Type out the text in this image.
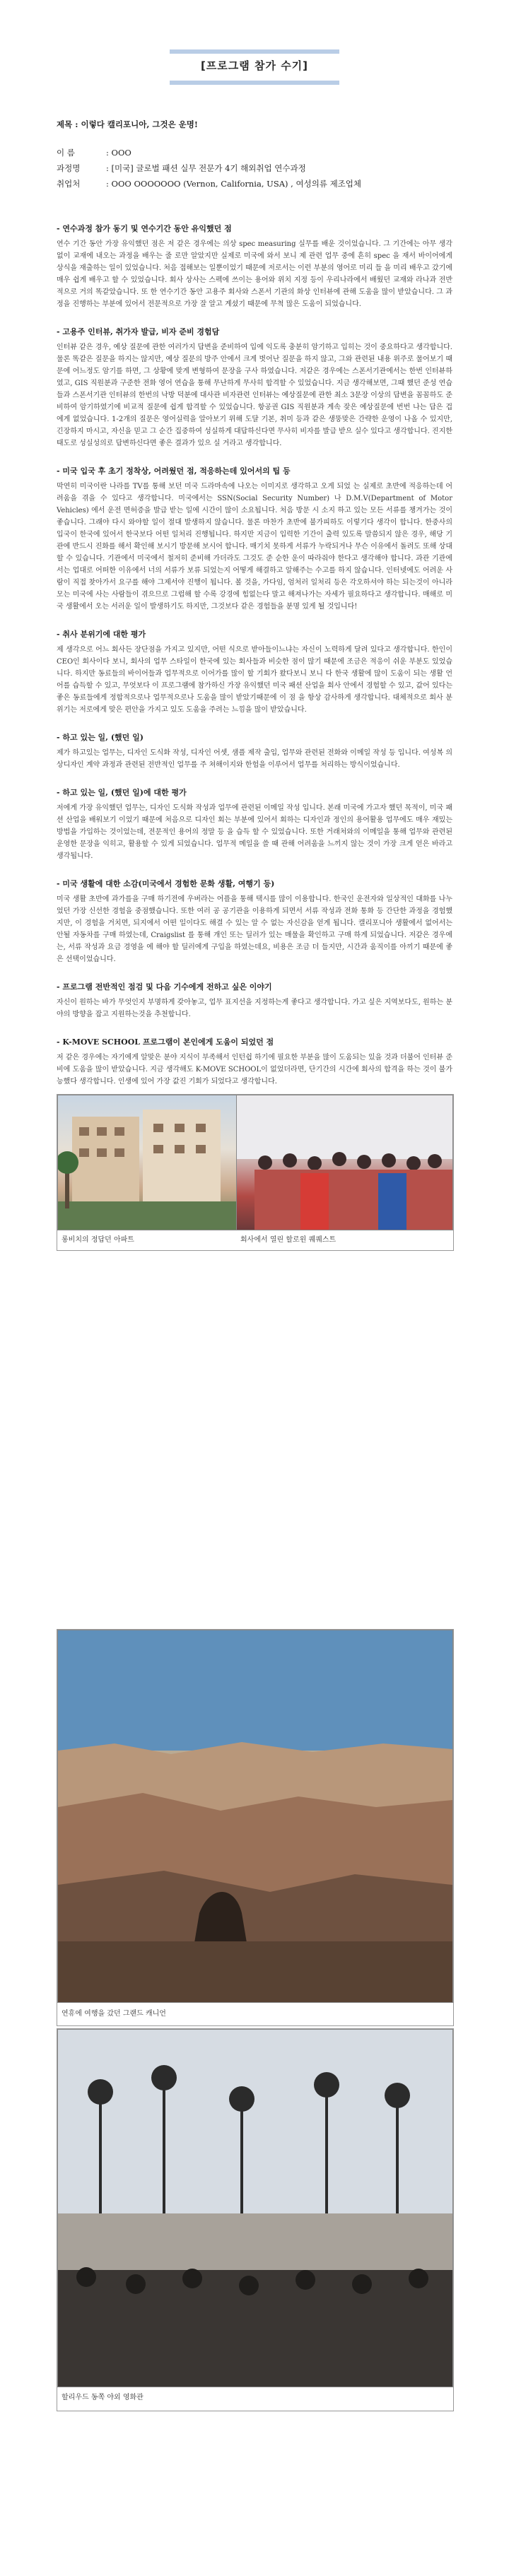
[프로그램 참가 수기]
제목 : 이렇다 캘리포니아, 그것은 운명!
이 름	: OOO
과정명	: [미국] 글로벌 패션 실무 전문가 4기 해외취업 연수과정
취업처	: OOO OOOOOOO (Vernon, California, USA) , 여성의류 제조업체
- 연수과정 참가 동기 및 연수기간 동안 유익했던 점

연수 기간 동안 가장 유익했던 점은 저 같은 경우에는 의상 spec measuring 실무를 배운 것이었습니다. 그 기간에는 아무 생각 없이 교재에 내오는 과정을 배우는 줄 로만 알았지만 실제로 미국에 와서 보니 제 관련 업무 중에 흔히 spec 을 재서 바이어에게 상식을 재출하는 일이 있었습니다. 처음 접해보는 일뿐이었기 때문에 저로서는 이런 부분의 영어로 미리 들 을 미리 배우고 갔기에 매우 쉽게 배우고 할 수 있었습니다. 회사 상사는 스펙에 쓰이는 용어와 위치 지정 등이 우리나라에서 배웠던 교재와 라나과 전반적으로 거의 똑같았습니다. 또 한 연수기간 동안 고용주 회사와 스폰서 기관의 화상 인터뷰에 관해 도움을 많이 받았습니다. 그 과정을 진행하는 부분에 있어서 전문적으로 가장 잘 알고 계셨기 때문에 무척 많은 도움이 되었습니다.

- 고용주 인터뷰, 취가자 발급, 비자 준비 경험담

인터뷰 같은 경우, 예상 질문에 관한 여러가지 답변을 준비하여 입에 익도록 충분히 암기하고 입히는 것이 중요하다고 생각합니다. 물론 똑같은 질문을 하지는 않지만, 예상 질문의 방주 안에서 크게 벗어난 질문을 하지 않고, 그와 관련된 내용 위주로 물어보기 때문에 어느정도 암기를 하면, 그 상황에 맞게 변형하여 문장을 구사 하였습니다. 저같은 경우에는 스폰서기관에서는 한번 인터뷰하였고, GIS 직원분과 구준한 전화 영어 연습을 통해 무난하게 무사히 합격할 수 있었습니다. 지금 생각해보면, 그때 했던 준성 연습들과 스폰서기관 인터뷰의 한번의 낙방 덕분에 대사관 비자관련 인터뷰는 예상질문에 관한 최소 3문장 이상의 답변을 꼼꼼하도 준비하여 암기하였기에 비교적 질문에 쉽게 합격할 수 있었습니다. 항공권 GIS 직원분과 계속 잦은 예상질문에 번번 나는 답은 겁 에게 없었습니다. 1-2개의 질문은 영어실력을 알아보기 위해 도달 기본, 취미 등과 같은 생뚱맞은 간략한 운영이 나올 수 있지만, 긴장하지 마시고, 자신을 믿고 그 순간 집중하여 성실하게 대답하신다면 무사히 비자를 발급 받으 실수 있다고 생각합니다. 진지한 태도로 성실성의로 답변하신다면 좋은 결과가 있으 실 거라고 생각합니다.

- 미국 입국 후 초기 정착상, 어려웠던 점, 적응하는데 있어서의 팁 등

막연히 미국이란 나라를 TV를 통해 보던 미국 드라마속에 나오는 이미지로 생각하고 오게 되었 는 실제로 초반에 적응하는데 어려움을 겪을 수 있다고 생각합니다. 미국에서는 SSN(Social Security Number) 나 D.M.V(Department of Motor Vehicles) 에서 운전 면허증을 발급 받는 일에 시간이 많이 소요됩니다. 처음 방문 시 소지 하고 있는 모든 서류를 챙겨가는 것이 좋습니다. 그래야 다시 와야할 일이 절대 발생하지 않습니다. 물론 마찬가 초반에 불가피하도 이렇기다 생각이 합니다. 한중사의 입국이 한국에 있어서 한국보다 어떤 일처리 진행됩니다. 하지만 지금이 입력한 기간이 출력 있도록 말씀되지 않은 경우, 해당 기관에 반드시 진화를 해서 확인해 보시기 방문해 보시어 합니다. 매기치 못하게 서류가 누락되거나 무슨 이유에서 돌려도 또해 상대 할 수 있습니다. 기관에서 미국에서 철저히 준비해 가더라도 그것도 준 순한 운이 따라줘야 한다고 생각해야 합니다. 과관 기관에서는 업대로 어떠한 이유에서 너의 서류가 보류 되었는지 어떻게 해결하고 알해주는 수고를 하지 않습니다. 인터넷에도 어려운 사람이 직접 찾아가서 요구를 해야 그제서야 진행이 됩니다. 볼 것을, 가다임, 엄처러 일처리 등은 각오하셔야 하는 되는것이 아니라 모는 미국에 사는 사람들이 겪으므로 그럽해 할 수록 강경에 힘없는다 말고 해져나가는 자세가 필요하다고 생각합니다. 매해로 미국 생활에서 오는 서러운 일이 발생하기도 하지만, 그것보다 같은 경험들을 분명 있게 될 것입니다!

- 취사 분위기에 대한 평가

제 생각으로 어느 회사든 장단점을 가지고 있지만, 어떤 식으로 받아들이느냐는 자신이 노력하게 달려 있다고 생각합니다. 한인이 CEO인 회사이다 보니, 회사의 업무 스타일이 한국에 있는 회사들과 비슷한 점이 많기 때문에 조금은 적응이 쉬운 부분도 있었습니다. 하지만 동료들의 바이어들과 업무적으로 이어가를 많이 할 기회가 왔다보니 보니 다 한국 생활에 많이 도움이 되는 생활 언어를 습득할 수 있고, 무엇보다 이 프로그램에 참가하신 가장 유익했던 미국 패션 산업을 회사 안에서 경험할 수 있고, 값어 있다는 좋은 동료들에게 정합적으로나 업무적으로나 도움을 많이 받았기때문에 이 점 을 항상 감사하게 생각합니다. 대체적으로 회사 분위기는 저로에게 맞은 편안을 가지고 있도 도움을 주려는 느낌을 많이 받았습니다.

- 하고 있는 일, (했던 일)

제가 하고있는 업무는, 디자인 도식화 작성, 디자인 어셋, 샘플 제작 출입, 업무와 관련된 전화와 이메일 작성 등 입니다. 여성복 의상디자인 계약 과정과 관련된 전반적인 업무를 주 쳐해이지와 한험을 이루어서 업무를 처리하는 방식이었습니다.

- 하고 있는 일, (했던 일)에 대한 평가

저에게 가장 유익했던 업무는, 디자인 도식화 작성과 업무에 관련된 이메일 작성 입니다. 본래 미국에 가고자 했던 목적이, 미국 패션 산업을 배워보기 이었기 때문에 처음으로 디자인 회는 부분에 있어서 회하는 디자인과 정인의 용어활용 업무에도 매우 재밌는 방법을 가입하는 것이었는데, 전문적인 용어의 정말 등 을 습득 할 수 있었습니다. 또한 거래처와의 이메일을 통해 업무와 관련된 운영한 문장을 익히고, 활용할 수 있게 되었습니다. 업무적 메일을 쓸 때 관해 어려움을 느끼지 않는 것이 가장 크게 얻은 바라고 생각됩니다.

- 미국 생활에 대한 소감(미국에서 경험한 문화 생활, 여행기 등)

미국 생활 초반에 과가를을 구매 하기전에 우버라는 어플을 통해 택시를 많이 이용합니다. 한국인 운전자와 일상적인 대화를 나누었던 가장 신선한 경험을 중점했습니다. 또한 여러 공 공기관을 이용하게 되면서 서류 작성과 전화 통화 등 간단한 과정을 경험했지만, 이 경험을 거치면, 되지에서 어떤 일이다도 해결 수 있는 알 수 없는 자신감을 얻게 됩니다. 캘리포니아 생활에서 없어서는 안될 자동차를 구매 하였는데, Craigslist 를 통해 개인 또는 딜러가 있는 매물을 확인하고 구매 하게 되었습니다. 저같은 경우에는, 서류 작성과 요금 경영을 에 해야 할 딜러에게 구입을 하였는데요, 비용은 조금 더 들지만, 시간과 움직이를 아끼기 때문에 좋은 선택이었습니다.

- 프로그램 전반적인 점검 및 다음 기수에게 전하고 싶은 이야기

자신이 원하는 바가 무엇인지 부명하게 갖아놓고, 업무 표지선을 지정하는게 좋다고 생각합니다. 가고 싶은 지역보다도, 원하는 분야의 방향을 잡고 지원하는것을 추천합니다.

- K-MOVE SCHOOL 프로그램이 본인에게 도움이 되었던 점

저 같은 경우에는 자기에게 알맞은 분야 지식이 부족해서 인턴쉽 하기에 필요한 부분을 많이 도움되는 있을 것과 더불어 인터뷰 준비에 도움을 많이 받았습니다. 지금 생각해도 K-MOVE SCHOOL이 없었더라면, 단기간의 시간에 회사의 합격을 하는 것이 불가능했다 생각합니다. 인생에 있어 가장 값진 기회가 되었다고 생각합니다.

롱비치의 정답던 아파트	회사에서 열린 할로윈 퀘퀘스트
연휴에 여행을 갔던 그랜드 캐니언
할리우드 동쪽 야외 영화관
